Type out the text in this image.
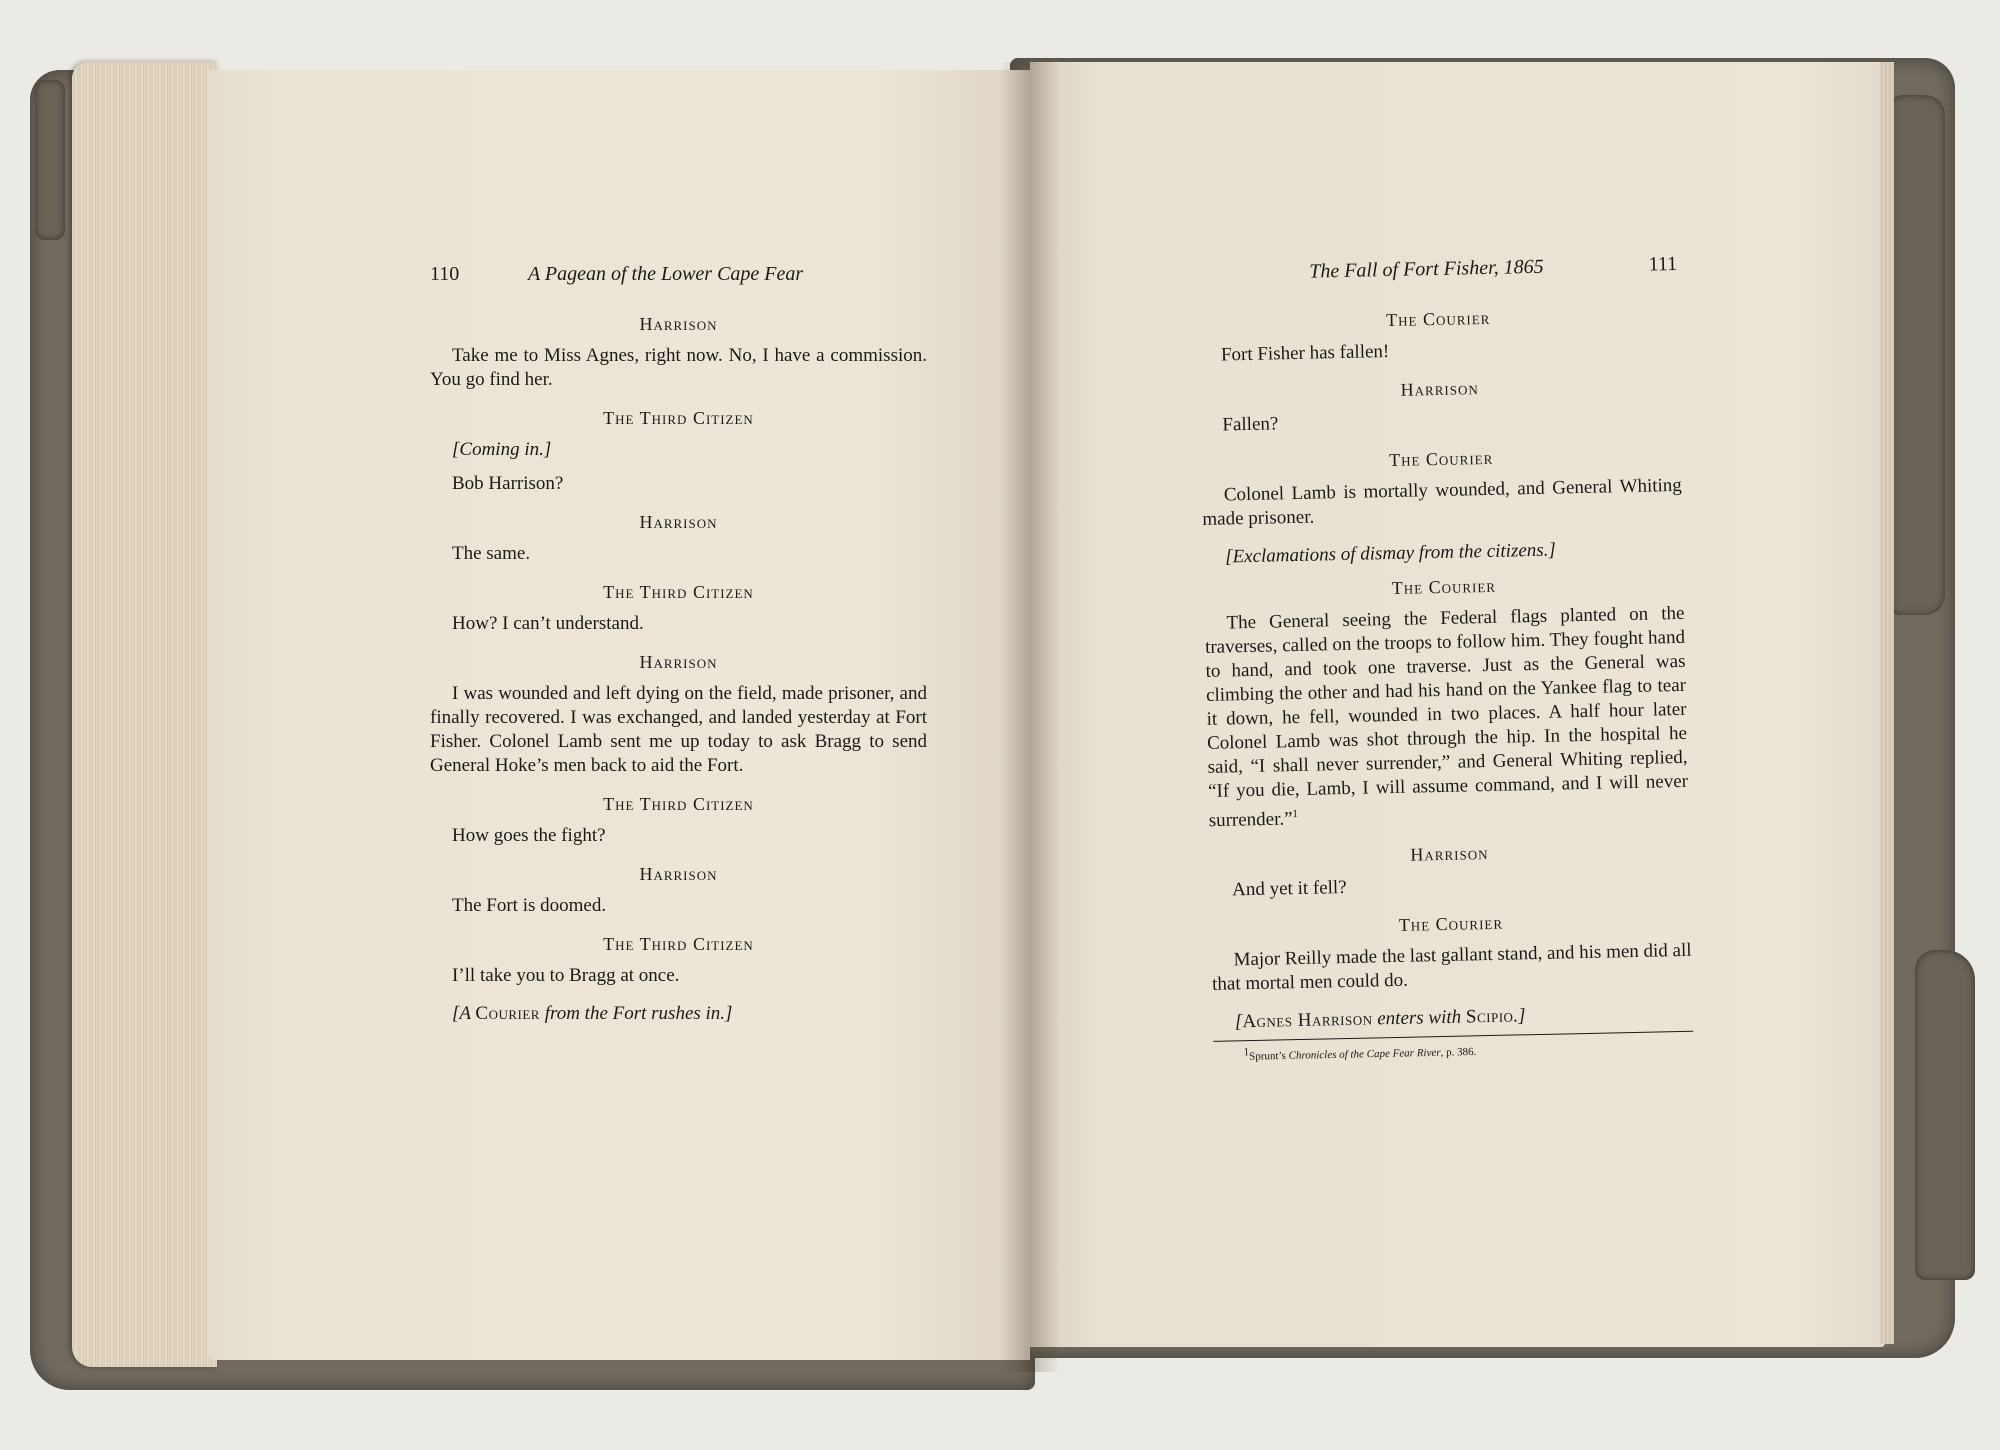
110	A Pagean of the Lower Cape Fear
Harrison

Take me to Miss Agnes, right now. No, I have a commission. You go find her.

The Third Citizen

[Coming in.]

Bob Harrison?

Harrison

The same.

The Third Citizen

How? I can’t understand.

Harrison

I was wounded and left dying on the field, made prisoner, and finally recovered. I was exchanged, and landed yesterday at Fort Fisher. Colonel Lamb sent me up today to ask Bragg to send General Hoke’s men back to aid the Fort.

The Third Citizen

How goes the fight?

Harrison

The Fort is doomed.

The Third Citizen

I’ll take you to Bragg at once.

[A Courier from the Fort rushes in.]

The Fall of Fort Fisher, 1865	111
The Courier

Fort Fisher has fallen!

Harrison

Fallen?

The Courier

Colonel Lamb is mortally wounded, and General Whiting made prisoner.

[Exclamations of dismay from the citizens.]

The Courier

The General seeing the Federal flags planted on the traverses, called on the troops to follow him. They fought hand to hand, and took one traverse. Just as the General was climbing the other and had his hand on the Yankee flag to tear it down, he fell, wounded in two places. A half hour later Colonel Lamb was shot through the hip. In the hospital he said, “I shall never surrender,” and General Whiting replied, “If you die, Lamb, I will assume command, and I will never surrender.”$^1$

Harrison

And yet it fell?

The Courier

Major Reilly made the last gallant stand, and his men did all that mortal men could do.

[Agnes Harrison enters with Scipio.]

$^1$Sprunt’s Chronicles of the Cape Fear River, p. 386.
